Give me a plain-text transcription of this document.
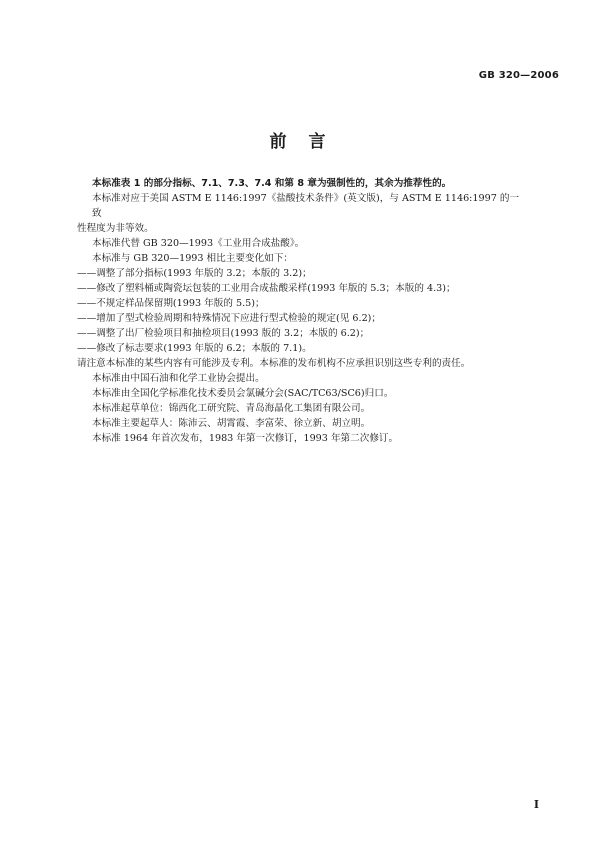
GB 320—2006
前言

本标准表 1 的部分指标、7.1、7.3、7.4 和第 8 章为强制性的，其余为推荐性的。

本标准对应于美国 ASTM E 1146:1997《盐酸技术条件》(英文版)，与 ASTM E 1146:1997 的一致
性程度为非等效。

本标准代替 GB 320—1993《工业用合成盐酸》。

本标准与 GB 320—1993 相比主要变化如下：

——调整了部分指标(1993 年版的 3.2；本版的 3.2)；

——修改了塑料桶或陶瓷坛包装的工业用合成盐酸采样(1993 年版的 5.3；本版的 4.3)；

——不规定样品保留期(1993 年版的 5.5)；

——增加了型式检验周期和特殊情况下应进行型式检验的规定(见 6.2)；

——调整了出厂检验项目和抽检项目(1993 版的 3.2；本版的 6.2)；

——修改了标志要求(1993 年版的 6.2；本版的 7.1)。

请注意本标准的某些内容有可能涉及专利。本标准的发布机构不应承担识别这些专利的责任。

本标准由中国石油和化学工业协会提出。

本标准由全国化学标准化技术委员会氯碱分会(SAC/TC63/SC6)归口。

本标准起草单位：锦西化工研究院、青岛海晶化工集团有限公司。

本标准主要起草人：陈沛云、胡霄霞、李富荣、徐立新、胡立明。

本标准 1964 年首次发布，1983 年第一次修订，1993 年第二次修订。

I
